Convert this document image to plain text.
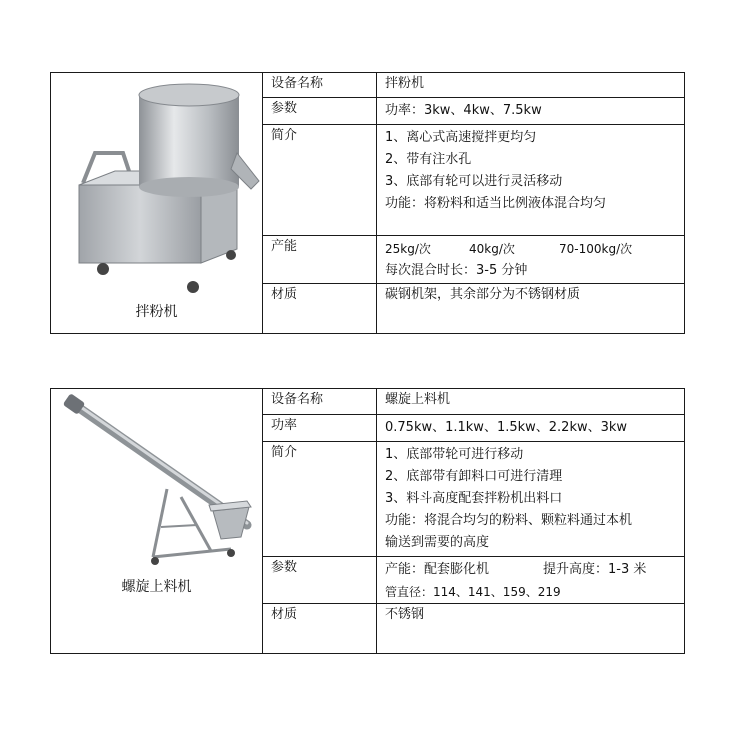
拌粉机	设备名称	拌粉机
	参数	功率：3kw、4kw、7.5kw
	简介	1、离心式高速搅拌更均匀
2、带有注水孔
3、底部有轮可以进行灵活移动
功能：将粉料和适当比例液体混合均匀

	产能	25kg/次 40kg/次 70-100kg/次
每次混合时长：3-5 分钟

	材质	碳钢机架，其余部分为不锈钢材质
螺旋上料机	设备名称	螺旋上料机
	功率	0.75kw、1.1kw、1.5kw、2.2kw、3kw
	简介	1、底部带轮可进行移动
2、底部带有卸料口可进行清理
3、料斗高度配套拌粉机出料口
功能：将混合均匀的粉料、颗粒料通过本机
输送到需要的高度

	参数	产能：配套膨化机 提升高度：1-3 米
管直径：114、141、159、219

	材质	不锈钢
